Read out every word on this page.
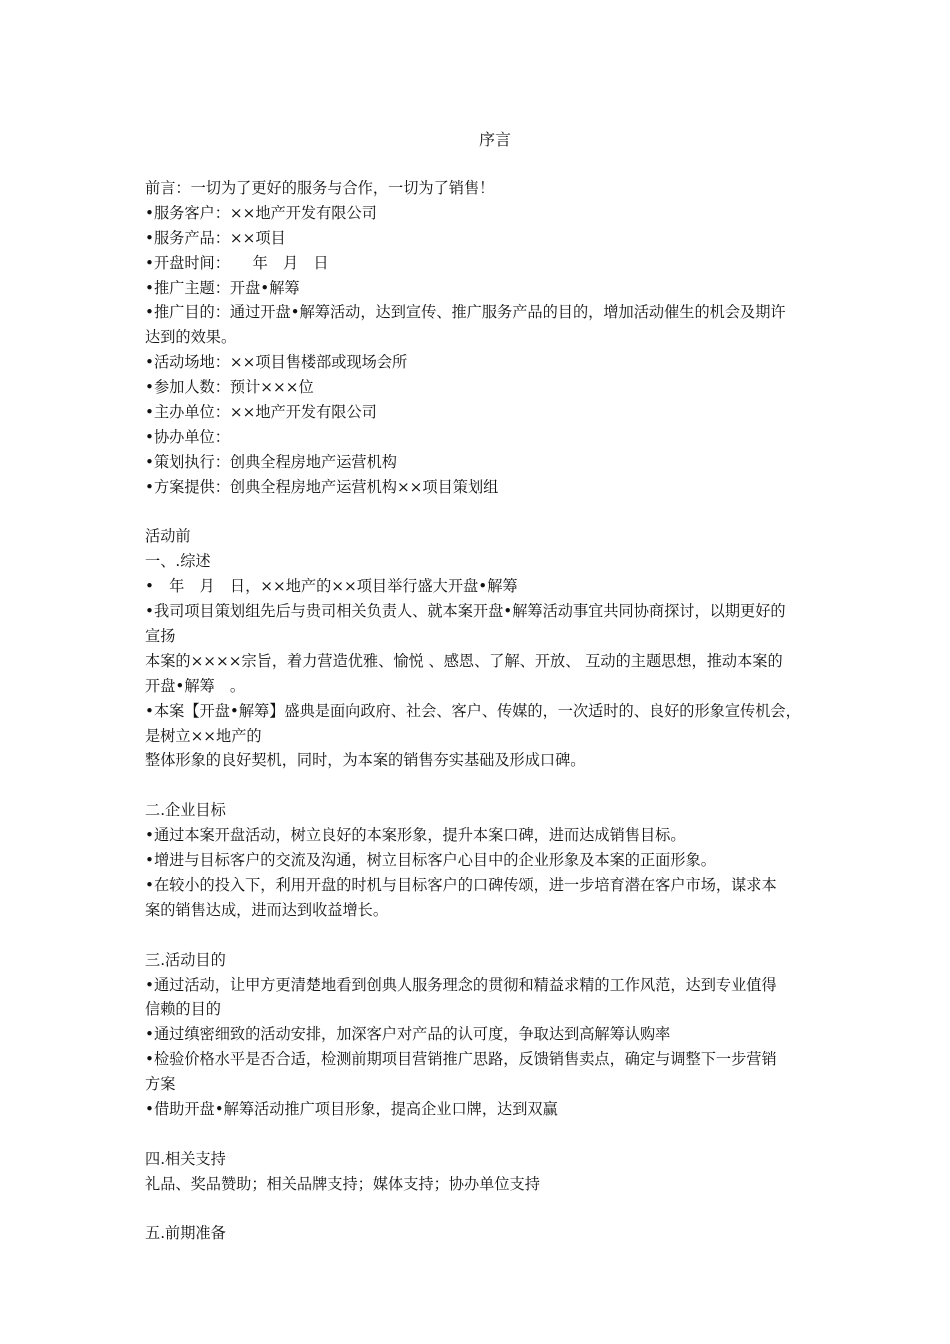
序言
前言：一切为了更好的服务与合作，一切为了销售！
•服务客户：××地产开发有限公司
•服务产品：××项目
•开盘时间：　　年　月　日
•推广主题：开盘•解筹
•推广目的：通过开盘•解筹活动，达到宣传、推广服务产品的目的，增加活动催生的机会及期许
达到的效果。
•活动场地：××项目售楼部或现场会所
•参加人数：预计×××位
•主办单位：××地产开发有限公司
•协办单位：
•策划执行：创典全程房地产运营机构
•方案提供：创典全程房地产运营机构××项目策划组
活动前
一、.综述
•　年　月　日，××地产的××项目举行盛大开盘•解筹
•我司项目策划组先后与贵司相关负责人、就本案开盘•解筹活动事宜共同协商探讨，以期更好的
宣扬
本案的××××宗旨，着力营造优雅、愉悦 、感恩、了解、开放、 互动的主题思想，推动本案的
开盘•解筹　。
•本案【开盘•解筹】盛典是面向政府、社会、客户、传媒的，一次适时的、良好的形象宣传机会，
是树立××地产的
整体形象的良好契机，同时，为本案的销售夯实基础及形成口碑。
二.企业目标
•通过本案开盘活动，树立良好的本案形象，提升本案口碑，进而达成销售目标。
•增进与目标客户的交流及沟通，树立目标客户心目中的企业形象及本案的正面形象。
•在较小的投入下，利用开盘的时机与目标客户的口碑传颂，进一步培育潜在客户市场，谋求本
案的销售达成，进而达到收益增长。
三.活动目的
•通过活动，让甲方更清楚地看到创典人服务理念的贯彻和精益求精的工作风范，达到专业值得
信赖的目的
•通过缜密细致的活动安排，加深客户对产品的认可度，争取达到高解筹认购率
•检验价格水平是否合适，检测前期项目营销推广思路，反馈销售卖点，确定与调整下一步营销
方案
•借助开盘•解筹活动推广项目形象，提高企业口牌，达到双赢
四.相关支持
礼品、奖品赞助；相关品牌支持；媒体支持；协办单位支持
五.前期准备
